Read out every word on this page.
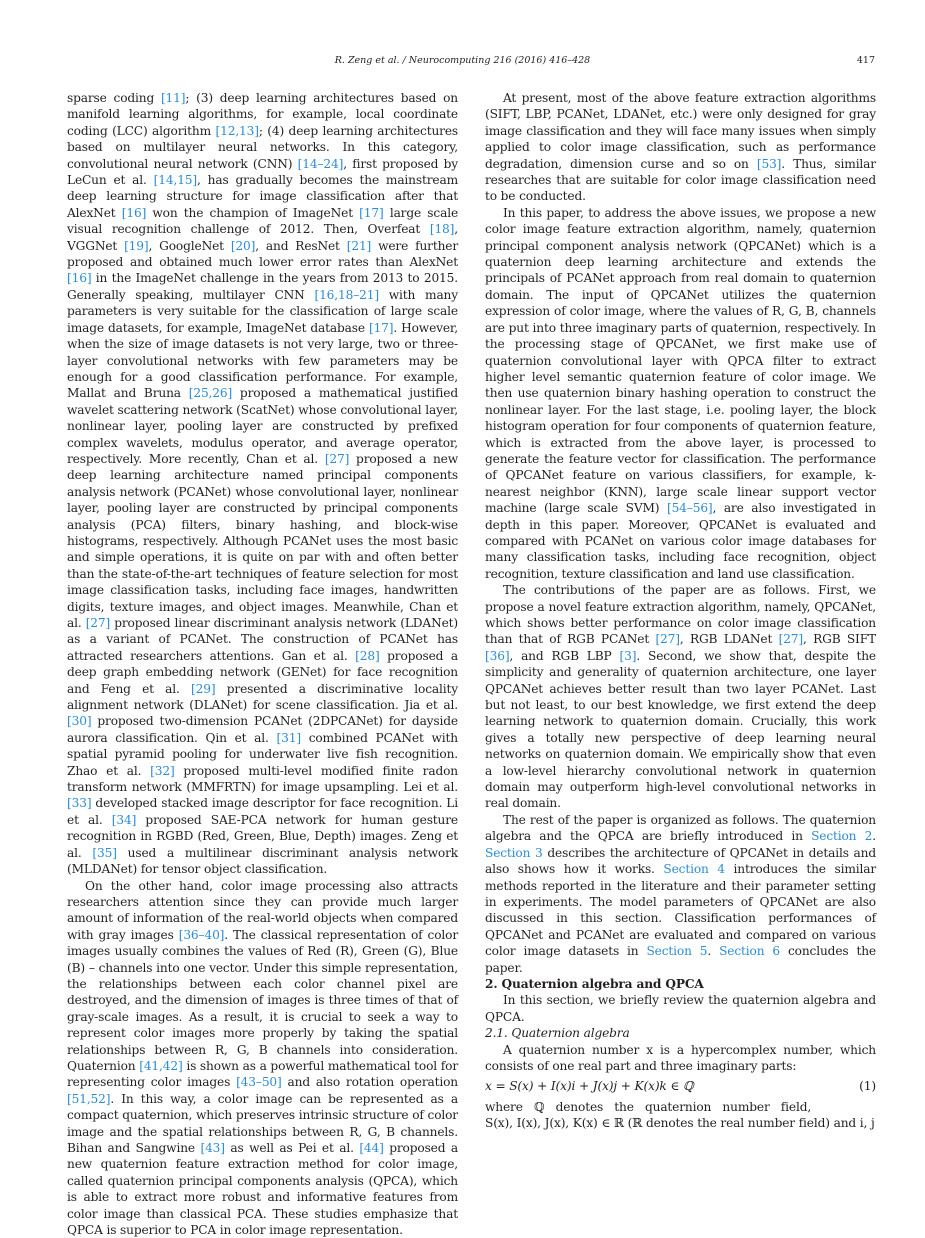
R. Zeng et al. / Neurocomputing 216 (2016) 416–428	417

sparse coding [11]; (3) deep learning architectures based on manifold learning algorithms, for example, local coordinate coding (LCC) algorithm [12,13]; (4) deep learning architectures based on multilayer neural networks. In this category, convolutional neural network (CNN) [14–24], first proposed by LeCun et al. [14,15], has gradually becomes the mainstream deep learning structure for image classification after that AlexNet [16] won the champion of ImageNet [17] large scale visual recognition challenge of 2012. Then, Overfeat [18], VGGNet [19], GoogleNet [20], and ResNet [21] were further proposed and obtained much lower error rates than AlexNet [16] in the ImageNet challenge in the years from 2013 to 2015. Generally speaking, multilayer CNN [16,18–21] with many parameters is very suitable for the classification of large scale image datasets, for example, ImageNet database [17]. However, when the size of image datasets is not very large, two or three-layer convolutional networks with few parameters may be enough for a good classification performance. For example, Mallat and Bruna [25,26] proposed a mathematical justified wavelet scattering network (ScatNet) whose convolutional layer, nonlinear layer, pooling layer are constructed by prefixed complex wavelets, modulus operator, and average operator, respectively. More recently, Chan et al. [27] proposed a new deep learning architecture named principal components analysis network (PCANet) whose convolutional layer, nonlinear layer, pooling layer are constructed by principal components analysis (PCA) filters, binary hashing, and block-wise histograms, respectively. Although PCANet uses the most basic and simple operations, it is quite on par with and often better than the state-of-the-art techniques of feature selection for most image classification tasks, including face images, handwritten digits, texture images, and object images. Meanwhile, Chan et al. [27] proposed linear discriminant analysis network (LDANet) as a variant of PCANet. The construction of PCANet has attracted researchers attentions. Gan et al. [28] proposed a deep graph embedding network (GENet) for face recognition and Feng et al. [29] presented a discriminative locality alignment network (DLANet) for scene classification. Jia et al. [30] proposed two-dimension PCANet (2DPCANet) for dayside aurora classification. Qin et al. [31] combined PCANet with spatial pyramid pooling for underwater live fish recognition. Zhao et al. [32] proposed multi-level modified finite radon transform network (MMFRTN) for image upsampling. Lei et al. [33] developed stacked image descriptor for face recognition. Li et al. [34] proposed SAE-PCA network for human gesture recognition in RGBD (Red, Green, Blue, Depth) images. Zeng et al. [35] used a multilinear discriminant analysis network (MLDANet) for tensor object classification.

On the other hand, color image processing also attracts researchers attention since they can provide much larger amount of information of the real-world objects when compared with gray images [36–40]. The classical representation of color images usually combines the values of Red (R), Green (G), Blue (B) – channels into one vector. Under this simple representation, the relationships between each color channel pixel are destroyed, and the dimension of images is three times of that of gray-scale images. As a result, it is crucial to seek a way to represent color images more properly by taking the spatial relationships between R, G, B channels into consideration. Quaternion [41,42] is shown as a powerful mathematical tool for representing color images [43–50] and also rotation operation [51,52]. In this way, a color image can be represented as a compact quaternion, which preserves intrinsic structure of color image and the spatial relationships between R, G, B channels. Bihan and Sangwine [43] as well as Pei et al. [44] proposed a new quaternion feature extraction method for color image, called quaternion principal components analysis (QPCA), which is able to extract more robust and informative features from color image than classical PCA. These studies emphasize that QPCA is superior to PCA in color image representation.

At present, most of the above feature extraction algorithms (SIFT, LBP, PCANet, LDANet, etc.) were only designed for gray image classification and they will face many issues when simply applied to color image classification, such as performance degradation, dimension curse and so on [53]. Thus, similar researches that are suitable for color image classification need to be conducted.

In this paper, to address the above issues, we propose a new color image feature extraction algorithm, namely, quaternion principal component analysis network (QPCANet) which is a quaternion deep learning architecture and extends the principals of PCANet approach from real domain to quaternion domain. The input of QPCANet utilizes the quaternion expression of color image, where the values of R, G, B, channels are put into three imaginary parts of quaternion, respectively. In the processing stage of QPCANet, we first make use of quaternion convolutional layer with QPCA filter to extract higher level semantic quaternion feature of color image. We then use quaternion binary hashing operation to construct the nonlinear layer. For the last stage, i.e. pooling layer, the block histogram operation for four components of quaternion feature, which is extracted from the above layer, is processed to generate the feature vector for classification. The performance of QPCANet feature on various classifiers, for example, k-nearest neighbor (KNN), large scale linear support vector machine (large scale SVM) [54–56], are also investigated in depth in this paper. Moreover, QPCANet is evaluated and compared with PCANet on various color image databases for many classification tasks, including face recognition, object recognition, texture classification and land use classification.

The contributions of the paper are as follows. First, we propose a novel feature extraction algorithm, namely, QPCANet, which shows better performance on color image classification than that of RGB PCANet [27], RGB LDANet [27], RGB SIFT [36], and RGB LBP [3]. Second, we show that, despite the simplicity and generality of quaternion architecture, one layer QPCANet achieves better result than two layer PCANet. Last but not least, to our best knowledge, we first extend the deep learning network to quaternion domain. Crucially, this work gives a totally new perspective of deep learning neural networks on quaternion domain. We empirically show that even a low-level hierarchy convolutional network in quaternion domain may outperform high-level convolutional networks in real domain.

The rest of the paper is organized as follows. The quaternion algebra and the QPCA are briefly introduced in Section 2. Section 3 describes the architecture of QPCANet in details and also shows how it works. Section 4 introduces the similar methods reported in the literature and their parameter setting in experiments. The model parameters of QPCANet are also discussed in this section. Classification performances of QPCANet and PCANet are evaluated and compared on various color image datasets in Section 5. Section 6 concludes the paper.

2. Quaternion algebra and QPCA

In this section, we briefly review the quaternion algebra and QPCA.

2.1. Quaternion algebra

A quaternion number x is a hypercomplex number, which consists of one real part and three imaginary parts:

x = S(x) + I(x)i + J(x)j + K(x)k ∈ ℚ	(1)

where   ℚ   denotes   the   quaternion   number   field,

S(x), I(x), J(x), K(x) ∈ ℝ (ℝ denotes the real number field) and i, j
